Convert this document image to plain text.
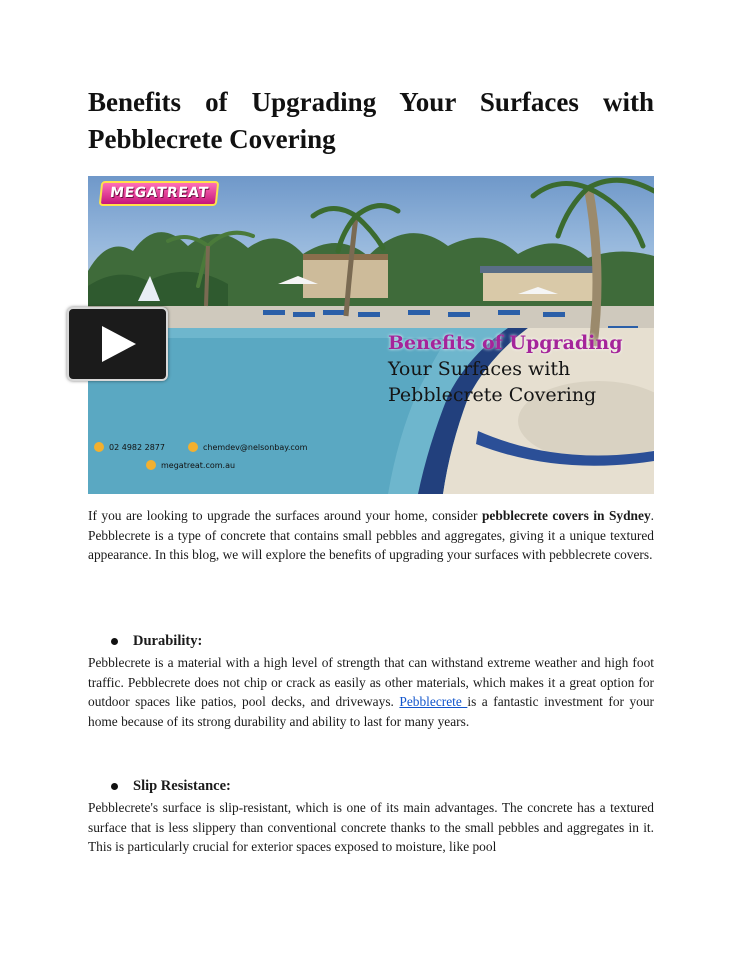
Benefits of Upgrading Your Surfaces with
Pebblecrete Covering
MEGATREAT
Benefits of Upgrading
Your Surfaces with
Pebblecrete Covering
02 4982 2877	chemdev@nelsonbay.com
megatreat.com.au

If you are looking to upgrade the surfaces around your home, consider pebblecrete covers in Sydney. Pebblecrete is a type of concrete that contains small pebbles and aggregates, giving it a unique textured appearance. In this blog, we will explore the benefits of upgrading your surfaces with pebblecrete covers.

Durability:

Pebblecrete is a material with a high level of strength that can withstand extreme weather and high foot traffic. Pebblecrete does not chip or crack as easily as other materials, which makes it a great option for outdoor spaces like patios, pool decks, and driveways. Pebblecrete is a fantastic investment for your home because of its strong durability and ability to last for many years.

Slip Resistance:

Pebblecrete's surface is slip-resistant, which is one of its main advantages. The concrete has a textured surface that is less slippery than conventional concrete thanks to the small pebbles and aggregates in it. This is particularly crucial for exterior spaces exposed to moisture, like pool
